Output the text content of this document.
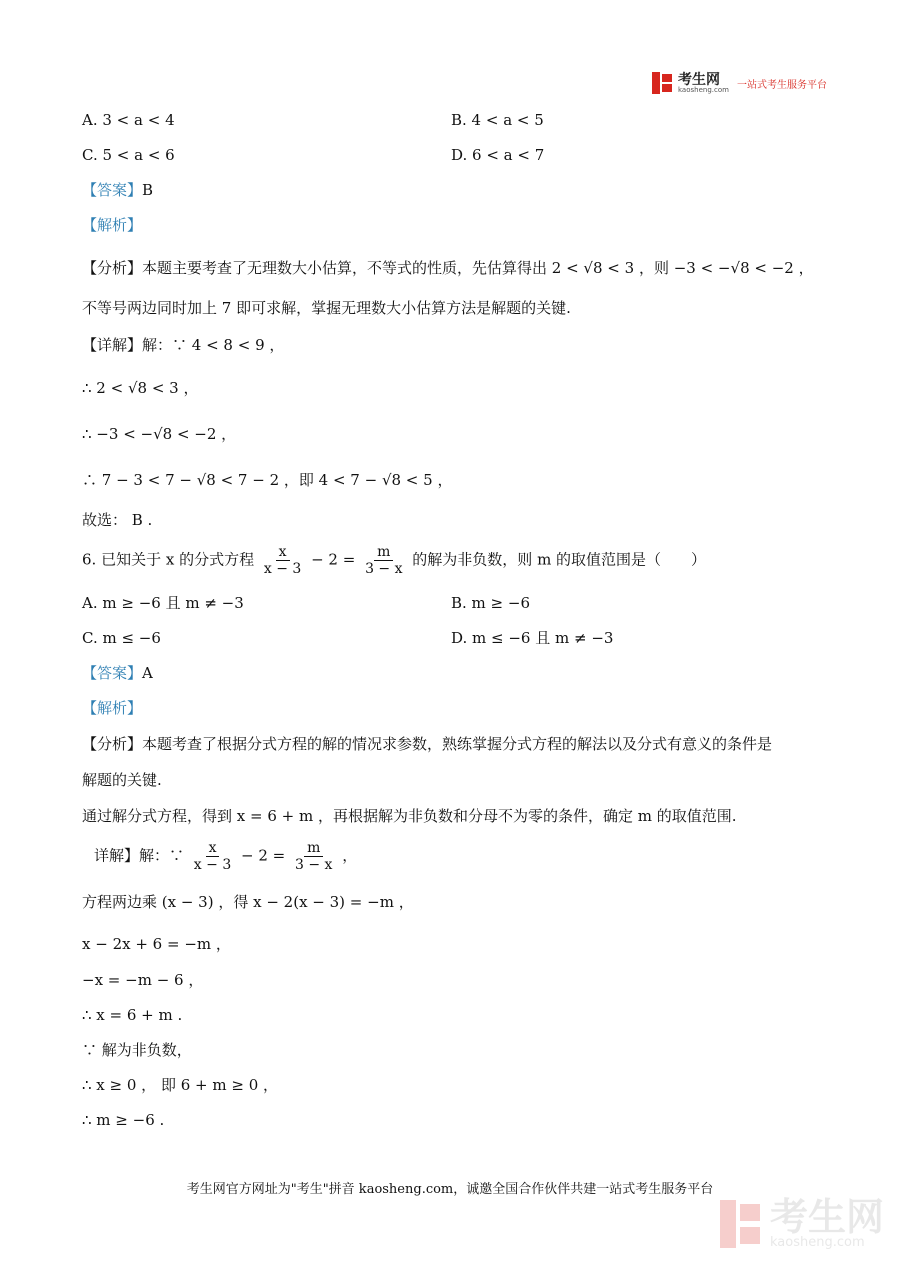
考生网
kaosheng.com 一站式考生服务平台
A. 3 < a < 4	B. 4 < a < 5
C. 5 < a < 6	D. 6 < a < 7
【答案】B
【解析】
【分析】本题主要考查了无理数大小估算，不等式的性质，先估算得出 2 < √8 < 3 ，则 −3 < −√8 < −2 ，
不等号两边同时加上 7 即可求解，掌握无理数大小估算方法是解题的关键.
【详解】解：∵ 4 < 8 < 9 ，
∴ 2 < √8 < 3 ，
∴ −3 < −√8 < −2 ，
∴ 7 − 3 < 7 − √8 < 7 − 2 ，即 4 < 7 − √8 < 5 ，
故选： B .
6. 已知关于 x 的分式方程 $\frac{x}{x - 3} - 2 = \frac{m}{3 - x}$ 的解为非负数，则 m 的取值范围是（　　）
A. m ≥ −6 且 m ≠ −3	B. m ≥ −6
C. m ≤ −6	D. m ≤ −6 且 m ≠ −3
【答案】A
【解析】
【分析】本题考查了根据分式方程的解的情况求参数，熟练掌握分式方程的解法以及分式有意义的条件是
解题的关键.
通过解分式方程，得到 x = 6 + m ，再根据解为非负数和分母不为零的条件，确定 m 的取值范围.
详解】解：∵ $\frac{x}{x - 3} - 2 = \frac{m}{3 - x}$ ，
方程两边乘 (x − 3) ，得 x − 2(x − 3) = −m ，
x − 2x + 6 = −m ，
−x = −m − 6 ，
∴ x = 6 + m .
∵ 解为非负数，
∴ x ≥ 0 ， 即 6 + m ≥ 0 ，
∴ m ≥ −6 .
考生网官方网址为"考生"拼音 kaosheng.com，诚邀全国合作伙伴共建一站式考生服务平台
考生网
kaosheng.com
